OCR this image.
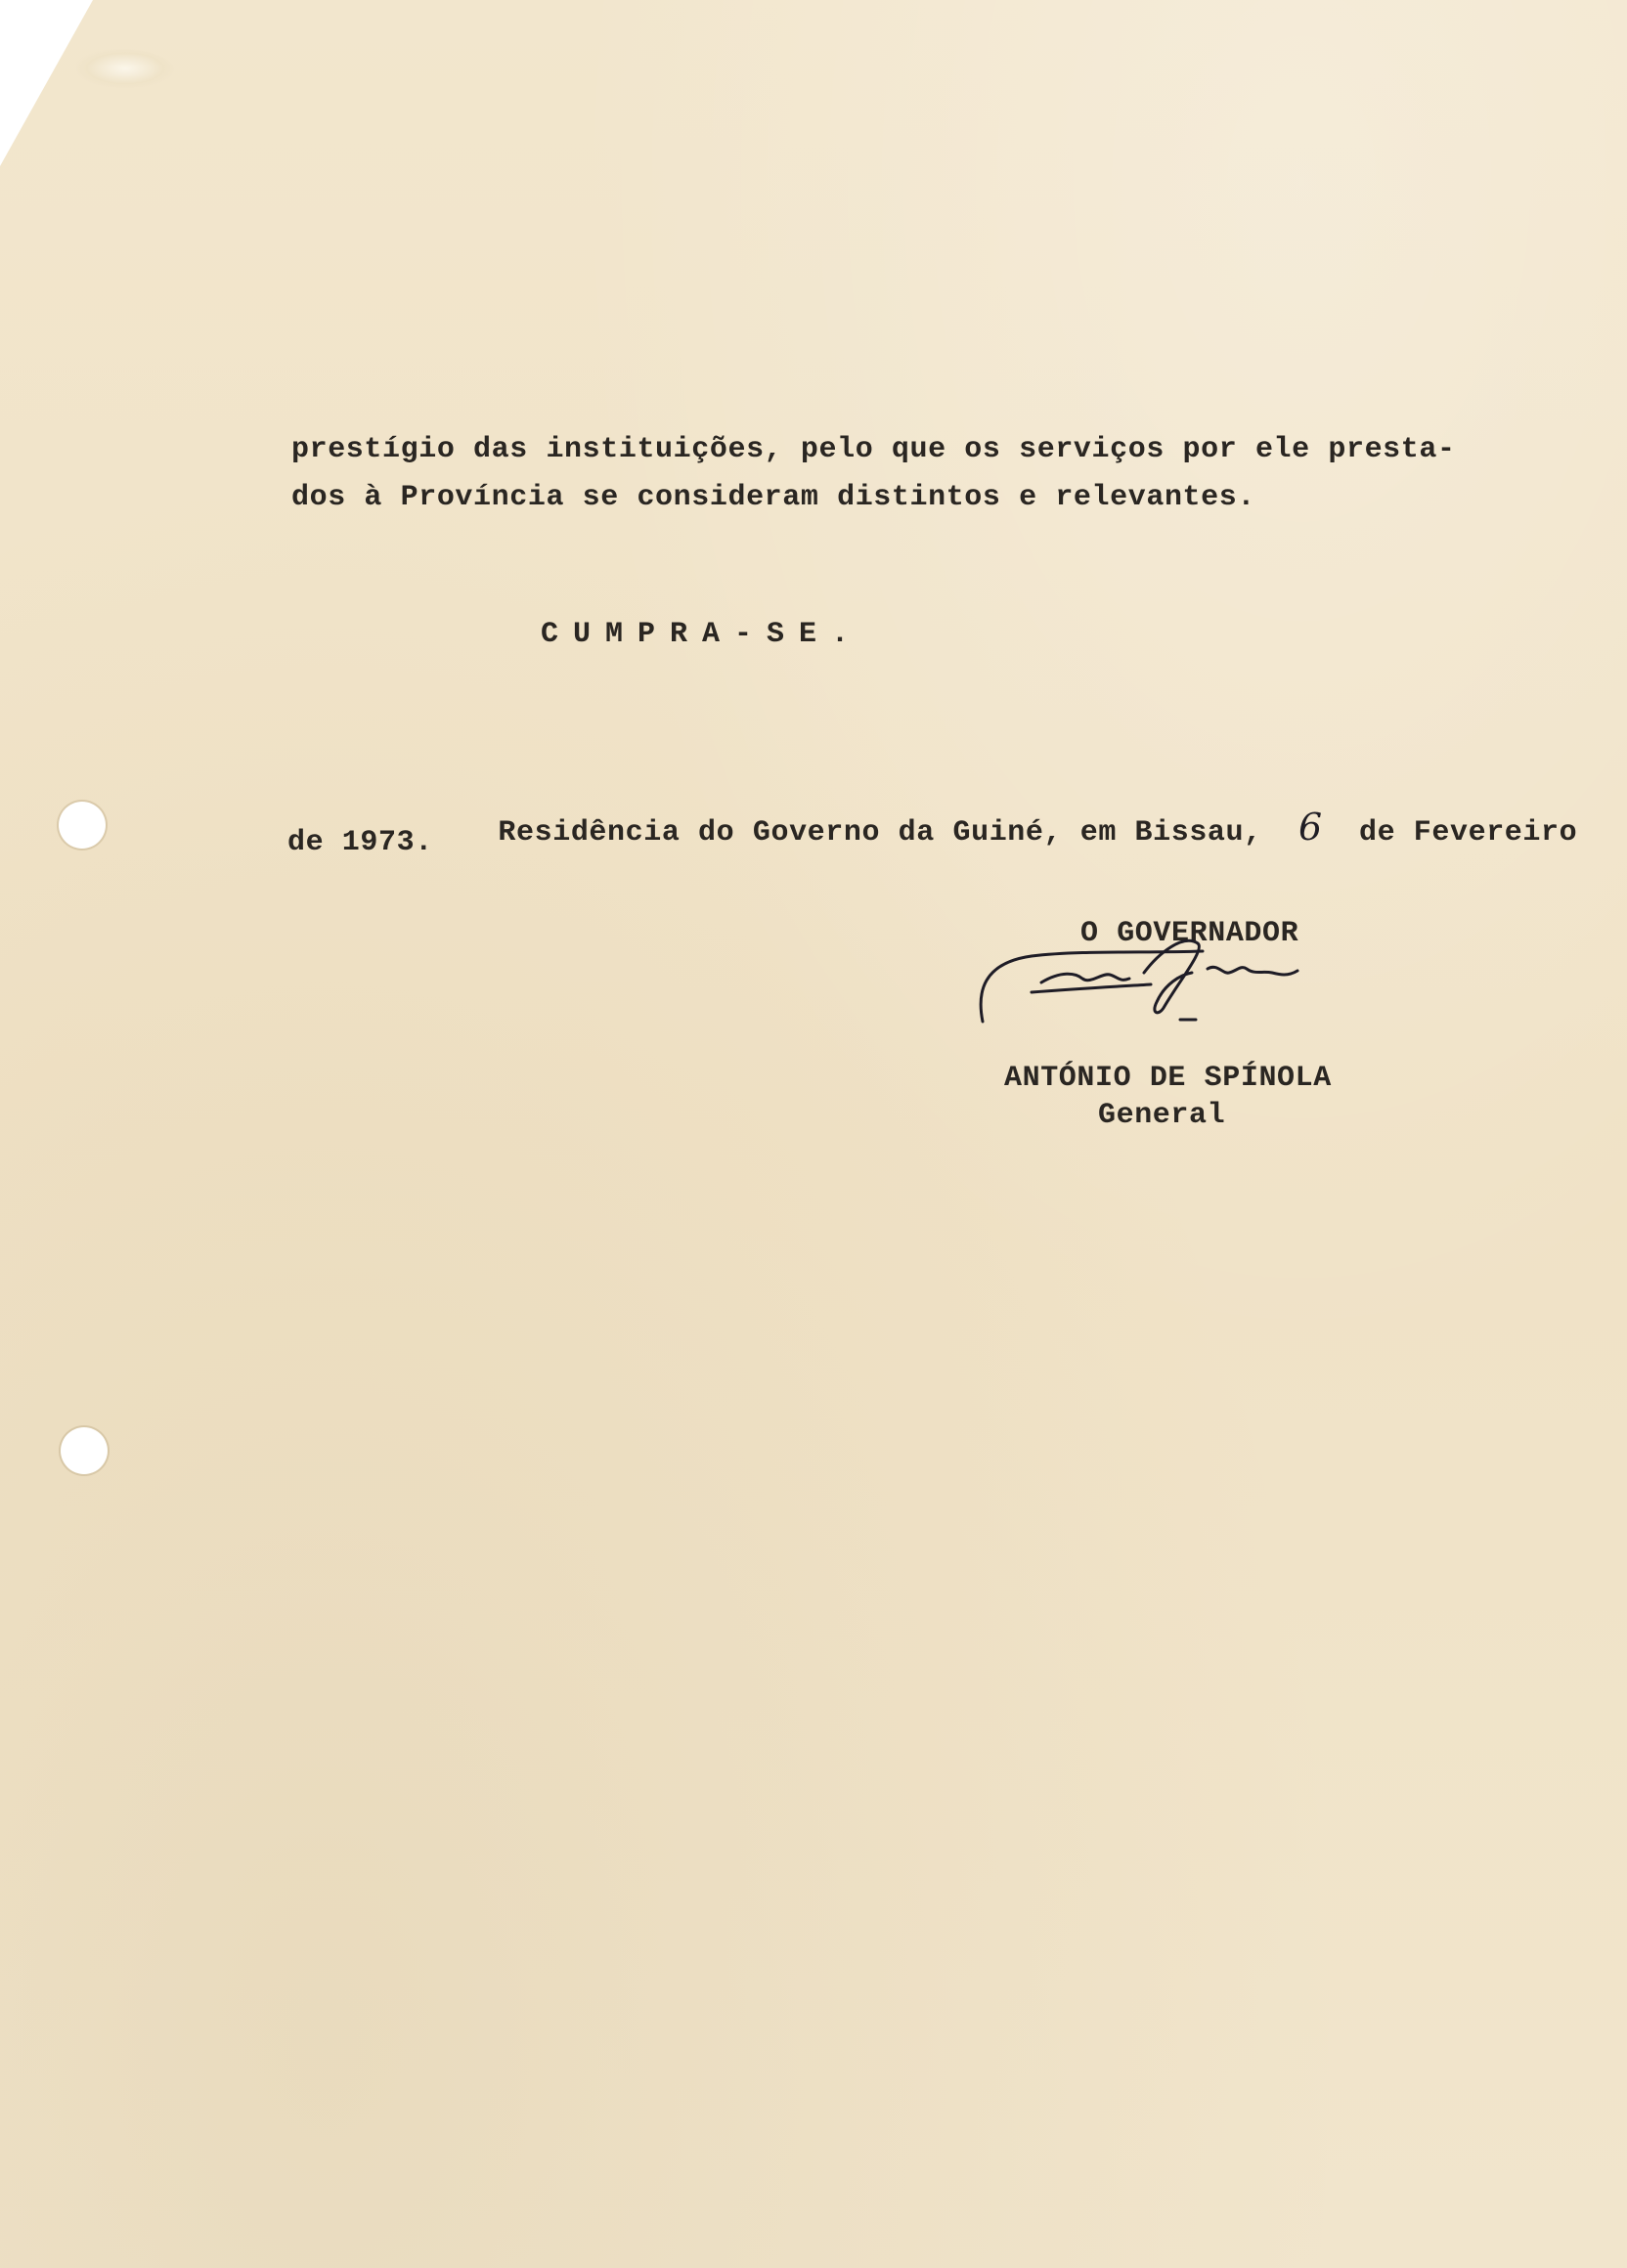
prestígio das instituições, pelo que os serviços por ele presta-
dos à Província se consideram distintos e relevantes.
CUMPRA-SE.

Residência do Governo da Guiné, em Bissau, 6 de Fevereiro

de 1973.
O GOVERNADOR
ANTÓNIO DE SPÍNOLA
General
